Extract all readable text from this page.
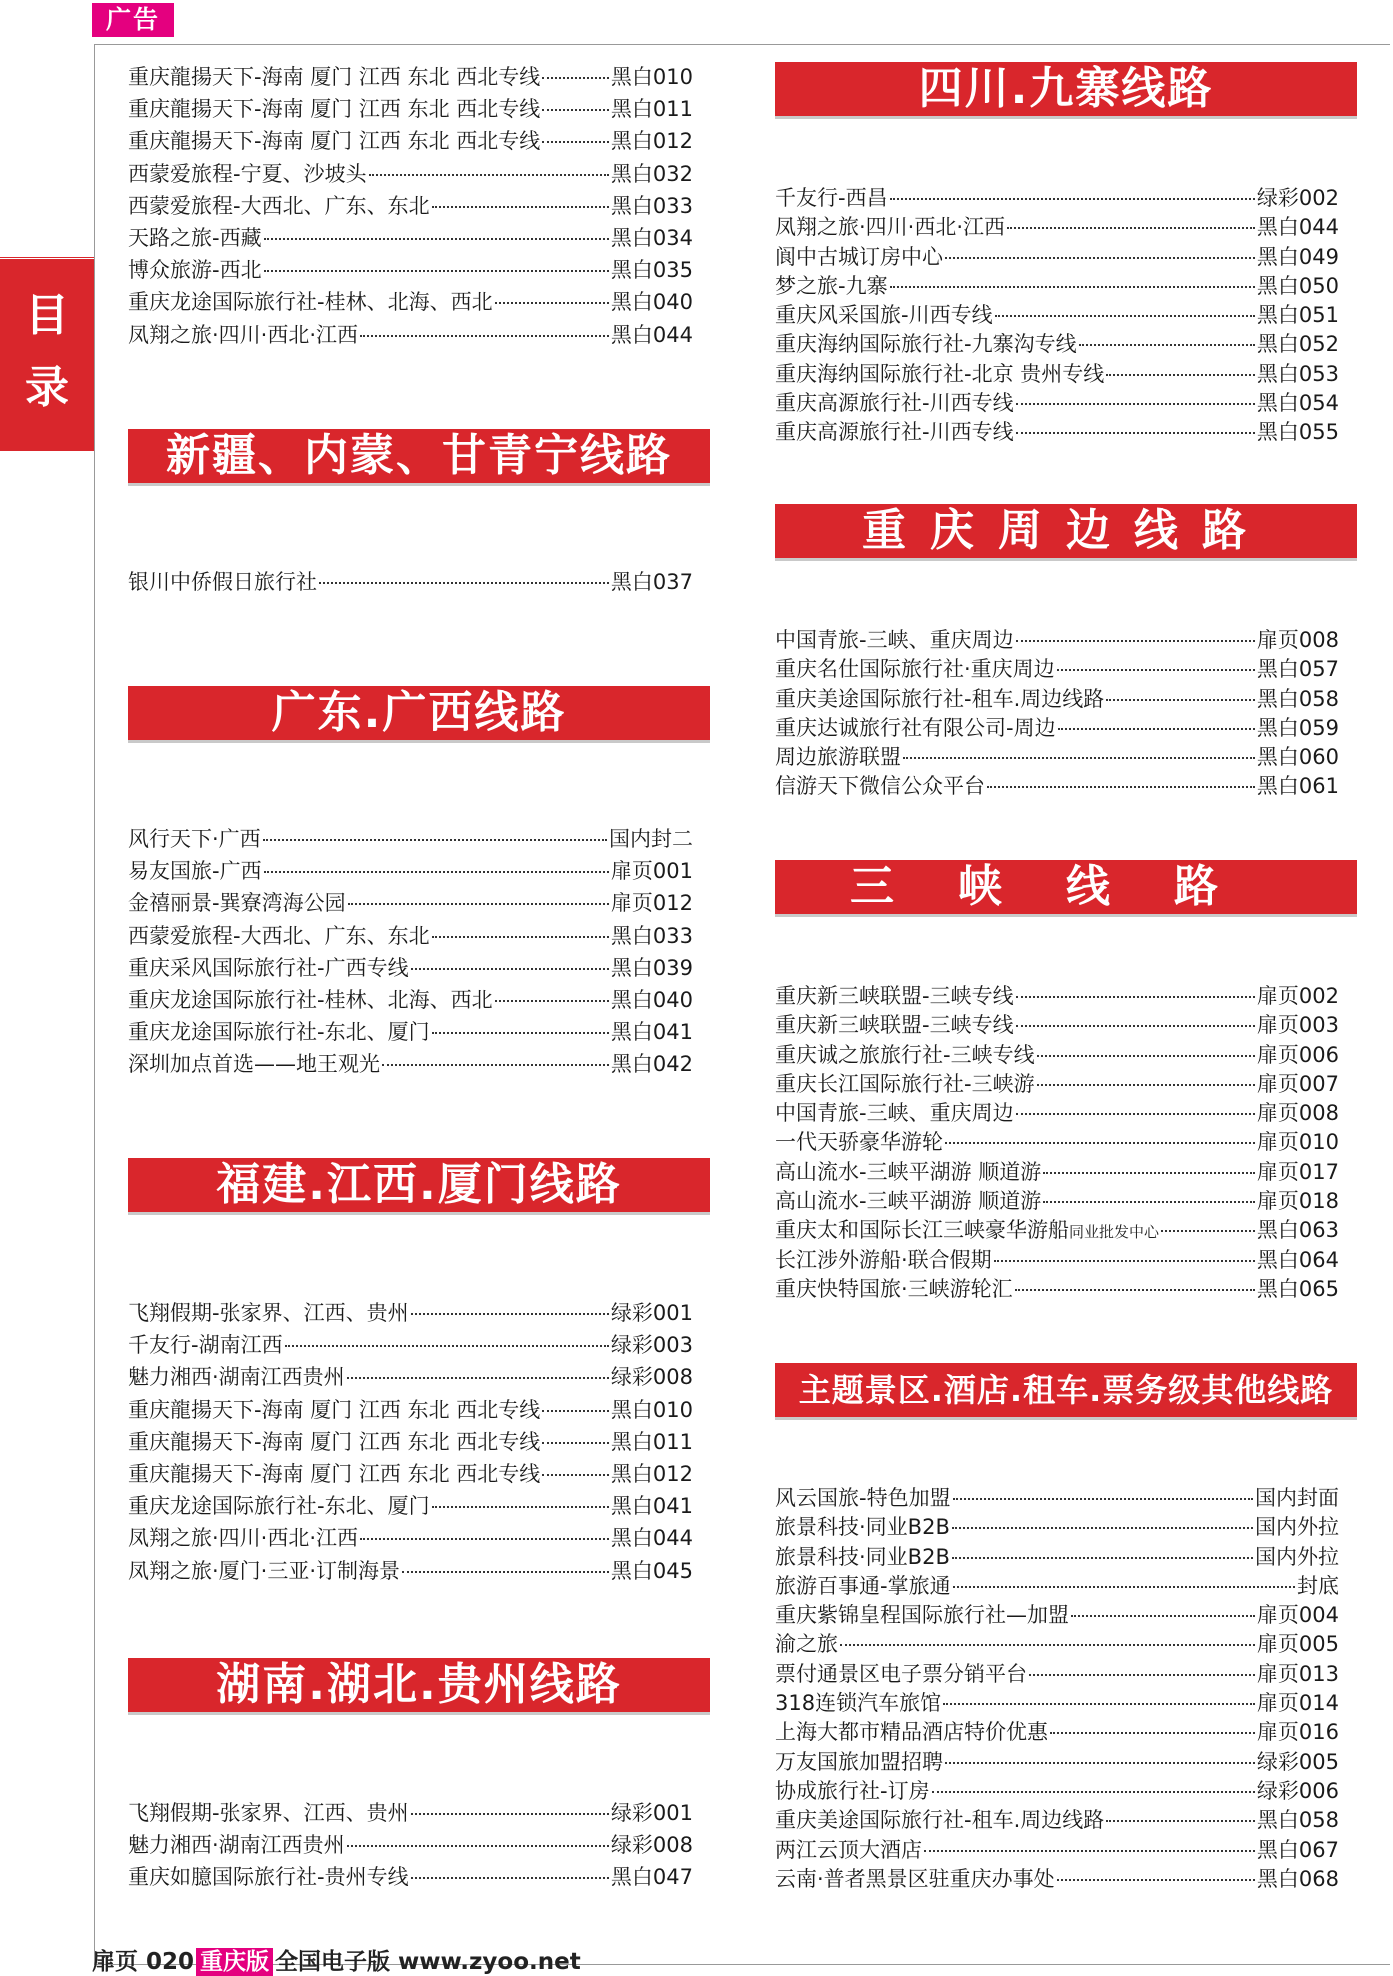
广告
目
录
重庆龍揚天下-海南 厦门 江西 东北 西北专线	黑白010
重庆龍揚天下-海南 厦门 江西 东北 西北专线	黑白011
重庆龍揚天下-海南 厦门 江西 东北 西北专线	黑白012
西蒙爱旅程-宁夏、沙坡头	黑白032
西蒙爱旅程-大西北、广东、东北	黑白033
天路之旅-西藏	黑白034
博众旅游-西北	黑白035
重庆龙途国际旅行社-桂林、北海、西北	黑白040
凤翔之旅·四川·西北·江西	黑白044
新疆、内蒙、甘青宁线路
银川中侨假日旅行社	黑白037
广东.广西线路
风行天下·广西	国内封二
易友国旅-广西	扉页001
金禧丽景-巽寮湾海公园	扉页012
西蒙爱旅程-大西北、广东、东北	黑白033
重庆采风国际旅行社-广西专线	黑白039
重庆龙途国际旅行社-桂林、北海、西北	黑白040
重庆龙途国际旅行社-东北、厦门	黑白041
深圳加点首选——地王观光	黑白042
福建.江西.厦门线路
飞翔假期-张家界、江西、贵州	绿彩001
千友行-湖南江西	绿彩003
魅力湘西·湖南江西贵州	绿彩008
重庆龍揚天下-海南 厦门 江西 东北 西北专线	黑白010
重庆龍揚天下-海南 厦门 江西 东北 西北专线	黑白011
重庆龍揚天下-海南 厦门 江西 东北 西北专线	黑白012
重庆龙途国际旅行社-东北、厦门	黑白041
凤翔之旅·四川·西北·江西	黑白044
凤翔之旅·厦门·三亚·订制海景	黑白045
湖南.湖北.贵州线路
飞翔假期-张家界、江西、贵州	绿彩001
魅力湘西·湖南江西贵州	绿彩008
重庆如臆国际旅行社-贵州专线	黑白047
四川.九寨线路
千友行-西昌	绿彩002
凤翔之旅·四川·西北·江西	黑白044
阆中古城订房中心	黑白049
梦之旅-九寨	黑白050
重庆风采国旅-川西专线	黑白051
重庆海纳国际旅行社-九寨沟专线	黑白052
重庆海纳国际旅行社-北京 贵州专线	黑白053
重庆高源旅行社-川西专线	黑白054
重庆高源旅行社-川西专线	黑白055
重庆周边线路
中国青旅-三峡、重庆周边	扉页008
重庆名仕国际旅行社·重庆周边	黑白057
重庆美途国际旅行社-租车.周边线路	黑白058
重庆达诚旅行社有限公司-周边	黑白059
周边旅游联盟	黑白060
信游天下微信公众平台	黑白061
三峡线路
重庆新三峡联盟-三峡专线	扉页002
重庆新三峡联盟-三峡专线	扉页003
重庆诚之旅旅行社-三峡专线	扉页006
重庆长江国际旅行社-三峡游	扉页007
中国青旅-三峡、重庆周边	扉页008
一代天骄豪华游轮	扉页010
高山流水-三峡平湖游 顺道游	扉页017
高山流水-三峡平湖游 顺道游	扉页018
重庆太和国际长江三峡豪华游船 同业批发中心	黑白063
长江涉外游船·联合假期	黑白064
重庆快特国旅·三峡游轮汇	黑白065
主题景区.酒店.租车.票务级其他线路
风云国旅-特色加盟	国内封面
旅景科技·同业B2B	国内外拉
旅景科技·同业B2B	国内外拉
旅游百事通-掌旅通	封底
重庆紫锦皇程国际旅行社—加盟	扉页004
渝之旅	扉页005
票付通景区电子票分销平台	扉页013
318连锁汽车旅馆	扉页014
上海大都市精品酒店特价优惠	扉页016
万友国旅加盟招聘	绿彩005
协成旅行社-订房	绿彩006
重庆美途国际旅行社-租车.周边线路	黑白058
两江云顶大酒店	黑白067
云南·普者黑景区驻重庆办事处	黑白068
扉页 020 重庆版 全国电子版 www.zyoo.net
